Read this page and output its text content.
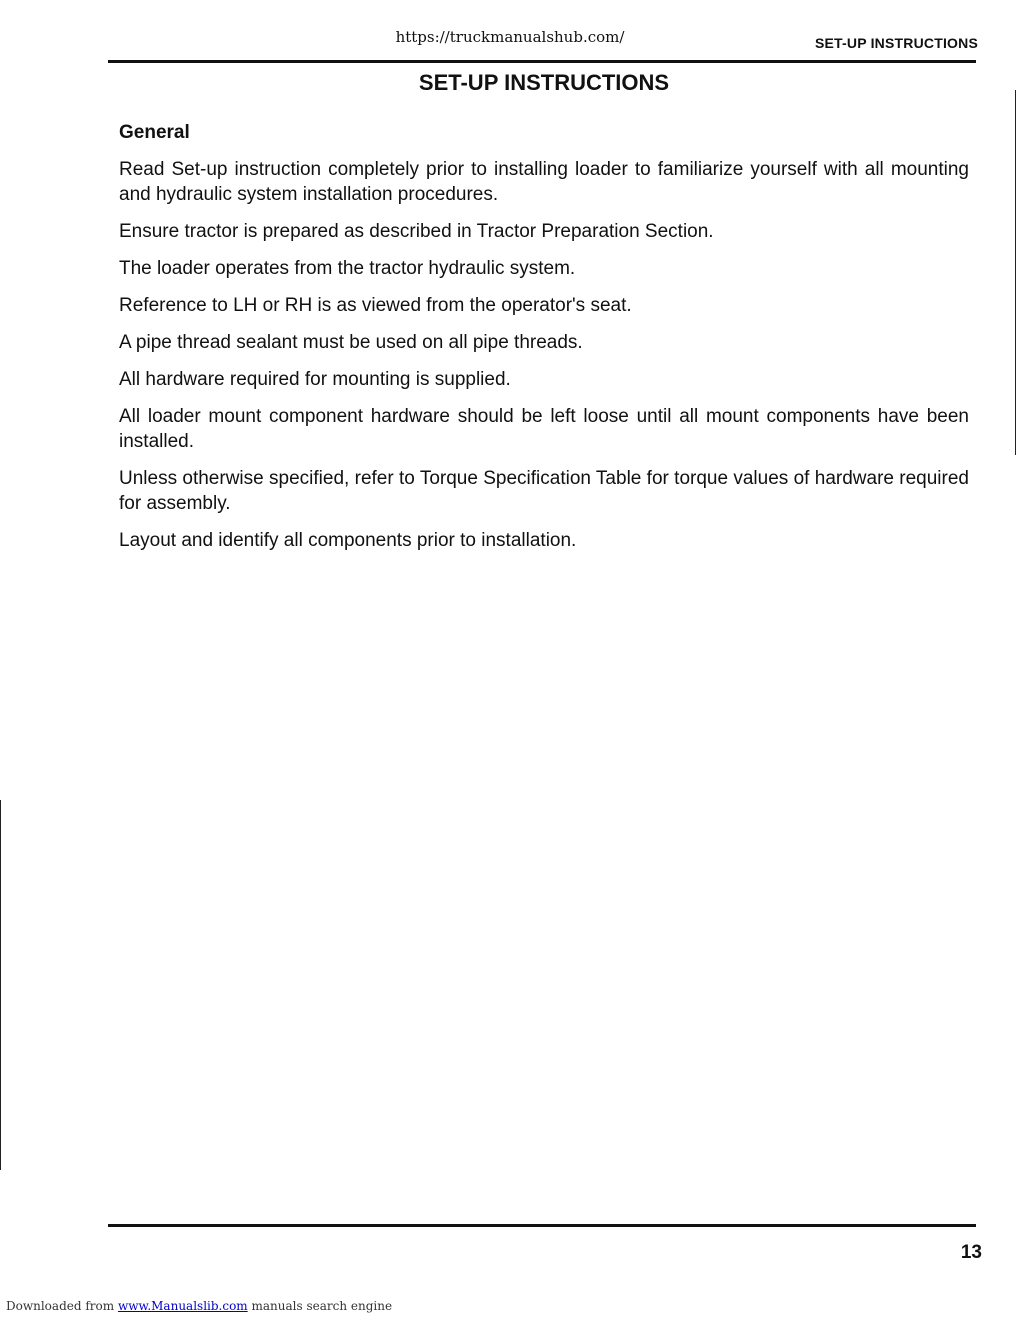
https://truckmanualshub.com/	SET-UP INSTRUCTIONS
SET-UP INSTRUCTIONS
General

Read Set-up instruction completely prior to installing loader to familiarize yourself with all mounting and hydraulic system installation procedures.

Ensure tractor is prepared as described in Tractor Preparation Section.

The loader operates from the tractor hydraulic system.

Reference to LH or RH is as viewed from the operator's seat.

A pipe thread sealant must be used on all pipe threads.

All hardware required for mounting is supplied.

All loader mount component hardware should be left loose until all mount components have been installed.

Unless otherwise specified, refer to Torque Specification Table for torque values of hardware required for assembly.

Layout and identify all components prior to installation.

13
Downloaded from www.Manualslib.com manuals search engine
